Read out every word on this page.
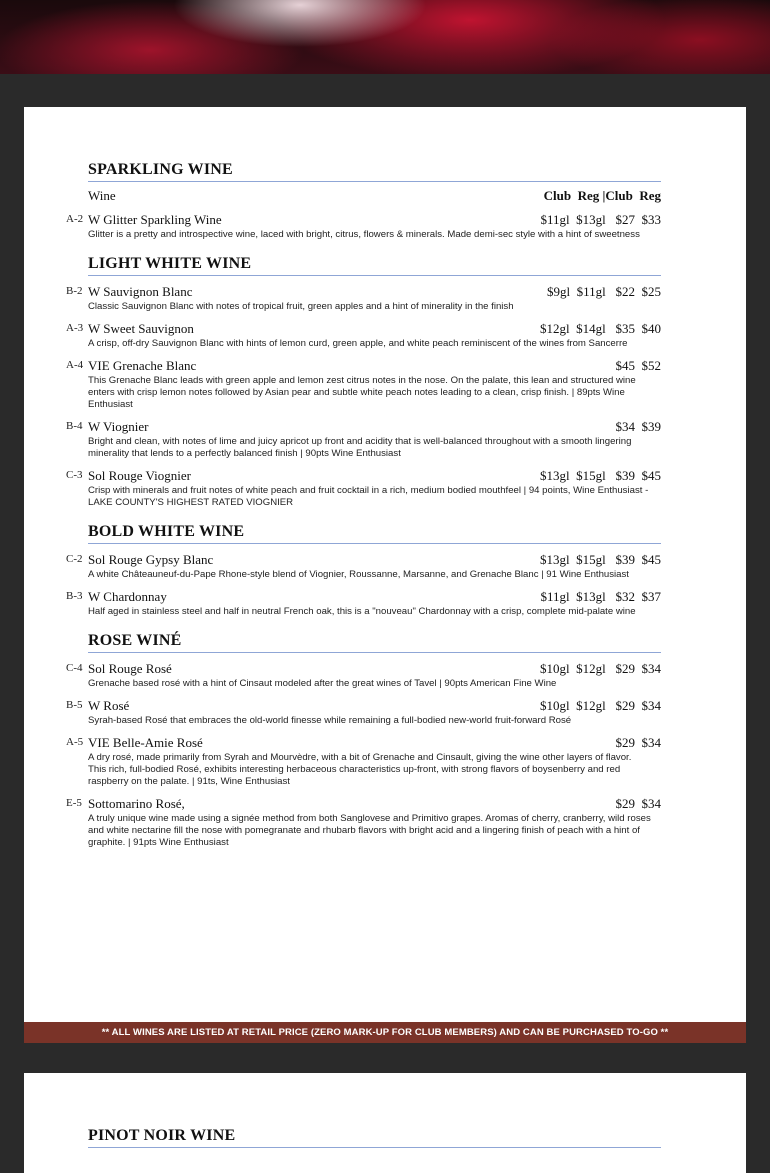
SPARKLING WINE
Wine	Club  Reg |Club  Reg
A-2 W Glitter Sparkling Wine	$11gl  $13gl   $27  $33
Glitter is a pretty and introspective wine, laced with bright, citrus, flowers & minerals. Made demi-sec style with a hint of sweetness
LIGHT WHITE WINE
B-2 W Sauvignon Blanc	$9gl  $11gl   $22  $25
Classic Sauvignon Blanc with notes of tropical fruit, green apples and a hint of minerality in the finish
A-3 W Sweet Sauvignon	$12gl  $14gl   $35  $40
A crisp, off-dry Sauvignon Blanc with hints of lemon curd, green apple, and white peach reminiscent of the wines from Sancerre
A-4 VIE Grenache Blanc	$45  $52
This Grenache Blanc leads with green apple and lemon zest citrus notes in the nose. On the palate, this lean and structured wine enters with crisp lemon notes followed by Asian pear and subtle white peach notes leading to a clean, crisp finish. | 89pts Wine Enthusiast
B-4 W Viognier	$34  $39
Bright and clean, with notes of lime and juicy apricot up front and acidity that is well-balanced throughout with a smooth lingering minerality that lends to a perfectly balanced finish | 90pts Wine Enthusiast
C-3 Sol Rouge Viognier	$13gl  $15gl   $39  $45
Crisp with minerals and fruit notes of white peach and fruit cocktail in a rich, medium bodied mouthfeel | 94 points, Wine Enthusiast - LAKE COUNTY'S HIGHEST RATED VIOGNIER
BOLD WHITE WINE
C-2 Sol Rouge Gypsy Blanc	$13gl  $15gl   $39  $45
A white Châteauneuf-du-Pape Rhone-style blend of Viognier, Roussanne, Marsanne, and Grenache Blanc | 91 Wine Enthusiast
B-3 W Chardonnay	$11gl  $13gl   $32  $37
Half aged in stainless steel and half in neutral French oak, this is a "nouveau" Chardonnay with a crisp, complete mid-palate wine
ROSE WINÉ
C-4 Sol Rouge Rosé	$10gl  $12gl   $29  $34
Grenache based rosé with a hint of Cinsaut modeled after the great wines of Tavel | 90pts American Fine Wine
B-5 W Rosé	$10gl  $12gl   $29  $34
Syrah-based Rosé that embraces the old-world finesse while remaining a full-bodied new-world fruit-forward Rosé
A-5 VIE Belle-Amie Rosé	$29  $34
A dry rosé, made primarily from Syrah and Mourvèdre, with a bit of Grenache and Cinsault, giving the wine other layers of flavor. This rich, full-bodied Rosé, exhibits interesting herbaceous characteristics up-front, with strong flavors of boysenberry and red raspberry on the palate. | 91ts, Wine Enthusiast
E-5 Sottomarino Rosé,	$29  $34
A truly unique wine made using a signée method from both Sanglovese and Primitivo grapes. Aromas of cherry, cranberry, wild roses and white nectarine fill the nose with pomegranate and rhubarb flavors with bright acid and a lingering finish of peach with a hint of graphite. | 91pts Wine Enthusiast
** ALL WINES ARE LISTED AT RETAIL PRICE (ZERO MARK-UP FOR CLUB MEMBERS) AND CAN BE PURCHASED TO-GO **
PINOT NOIR WINE
